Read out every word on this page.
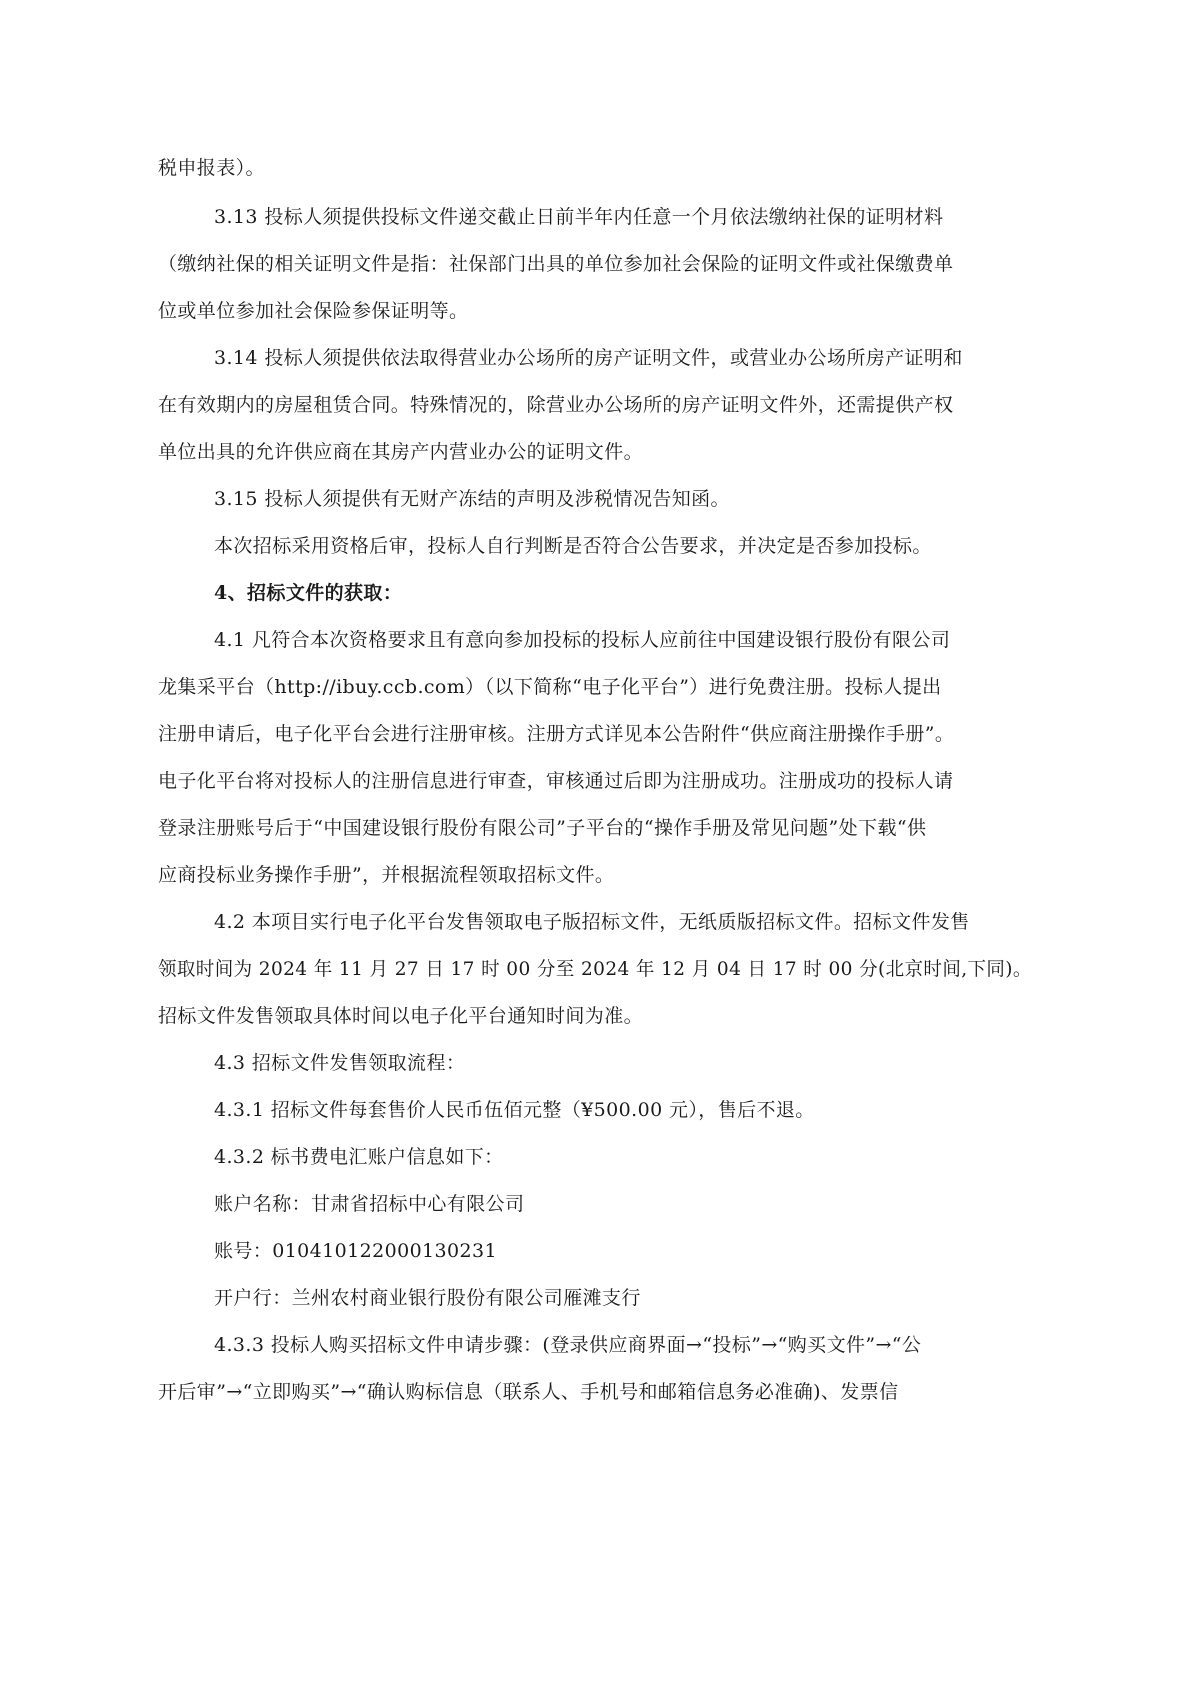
税申报表）。
3.13 投标人须提供投标文件递交截止日前半年内任意一个月依法缴纳社保的证明材料
（缴纳社保的相关证明文件是指：社保部门出具的单位参加社会保险的证明文件或社保缴费单
位或单位参加社会保险参保证明等。
3.14 投标人须提供依法取得营业办公场所的房产证明文件，或营业办公场所房产证明和
在有效期内的房屋租赁合同。特殊情况的，除营业办公场所的房产证明文件外，还需提供产权
单位出具的允许供应商在其房产内营业办公的证明文件。
3.15 投标人须提供有无财产冻结的声明及涉税情况告知函。
本次招标采用资格后审，投标人自行判断是否符合公告要求，并决定是否参加投标。
4、招标文件的获取：
4.1 凡符合本次资格要求且有意向参加投标的投标人应前往中国建设银行股份有限公司
龙集采平台（http://ibuy.ccb.com）（以下简称“电子化平台”）进行免费注册。投标人提出
注册申请后，电子化平台会进行注册审核。注册方式详见本公告附件“供应商注册操作手册”。
电子化平台将对投标人的注册信息进行审查，审核通过后即为注册成功。注册成功的投标人请
登录注册账号后于“中国建设银行股份有限公司”子平台的“操作手册及常见问题”处下载“供
应商投标业务操作手册”，并根据流程领取招标文件。
4.2 本项目实行电子化平台发售领取电子版招标文件，无纸质版招标文件。招标文件发售
领取时间为 2024 年 11 月 27 日 17 时 00 分至 2024 年 12 月 04 日 17 时 00 分(北京时间,下同)。
招标文件发售领取具体时间以电子化平台通知时间为准。
4.3 招标文件发售领取流程：
4.3.1 招标文件每套售价人民币伍佰元整（¥500.00 元），售后不退。
4.3.2 标书费电汇账户信息如下：
账户名称：甘肃省招标中心有限公司
账号：010410122000130231
开户行：兰州农村商业银行股份有限公司雁滩支行
4.3.3 投标人购买招标文件申请步骤：(登录供应商界面→“投标”→“购买文件”→“公
开后审”→“立即购买”→“确认购标信息（联系人、手机号和邮箱信息务必准确)、发票信
